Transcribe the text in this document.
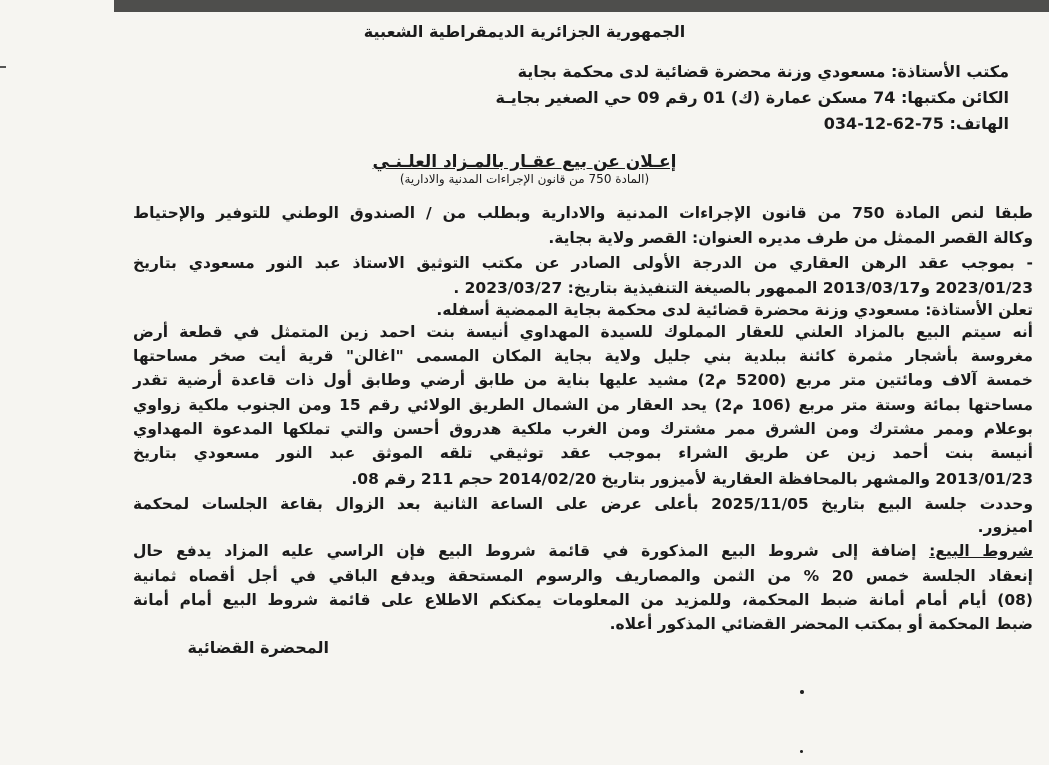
الجمهورية الجزائرية الديمقراطية الشعبية

مكتب الأستاذة: مسعودي وزنة محضرة قضائية لدى محكمة بجاية

الكائن مكتبها: 74 مسكن عمارة (ك) 01 رقم 09 حي الصغير بجايـة

الهاتف: 75-62-12-034

إعـلان عن بيع عقـار بالمـزاد العلـنـي

(المادة 750 من قانون الإجراءات المدنية والادارية)

طبقا لنص المادة 750 من قانون الإجراءات المدنية والادارية وبطلب من / الصندوق الوطني للتوفير والإحتياط

وكالة القصر الممثل من طرف مديره العنوان: القصر ولاية بجاية.

- بموجب عقد الرهن العقاري من الدرجة الأولى الصادر عن مكتب التوثيق الاستاذ عبد النور مسعودي بتاريخ

2023/01/23 و2013/03/17 الممهور بالصيغة التنفيذية بتاريخ: 2023/03/27 .

تعلن الأستاذة: مسعودي وزنة محضرة قضائية لدى محكمة بجاية الممضية أسفله.

أنه سيتم البيع بالمزاد العلني للعقار المملوك للسيدة المهداوي أنيسة بنت احمد زين المتمثل في قطعة أرض

مغروسة بأشجار مثمرة كائنة ببلدية بني جليل ولاية بجاية المكان المسمى "اغالن" قرية أيت صخر مساحتها

خمسة آلاف ومائتين متر مربع (5200 م2) مشيد عليها بناية من طابق أرضي وطابق أول ذات قاعدة أرضية تقدر

مساحتها بمائة وستة متر مربع (106 م2) يحد العقار من الشمال الطريق الولائي رقم 15 ومن الجنوب ملكية زواوي

بوعلام وممر مشترك ومن الشرق ممر مشترك ومن الغرب ملكية هدروق أحسن والتي تملكها المدعوة المهداوي

أنيسة بنت أحمد زين عن طريق الشراء بموجب عقد توثيقي تلقه الموثق عبد النور مسعودي بتاريخ

2013/01/23 والمشهر بالمحافظة العقارية لأميزور بتاريخ 2014/02/20 حجم 211 رقم 08.

وحددت جلسة البيع بتاريخ 2025/11/05 بأعلى عرض على الساعة الثانية بعد الزوال بقاعة الجلسات لمحكمة

اميزور.

شروط البيع: إضافة إلى شروط البيع المذكورة في قائمة شروط البيع فإن الراسي عليه المزاد يدفع حال

إنعقاد الجلسة خمس 20 % من الثمن والمصاريف والرسوم المستحقة ويدفع الباقي في أجل أقصاه ثمانية

(08) أيام أمام أمانة ضبط المحكمة، وللمزيد من المعلومات يمكنكم الاطلاع على قائمة شروط البيع أمام أمانة

ضبط المحكمة أو بمكتب المحضر القضائي المذكور أعلاه.

المحضرة القضائية
